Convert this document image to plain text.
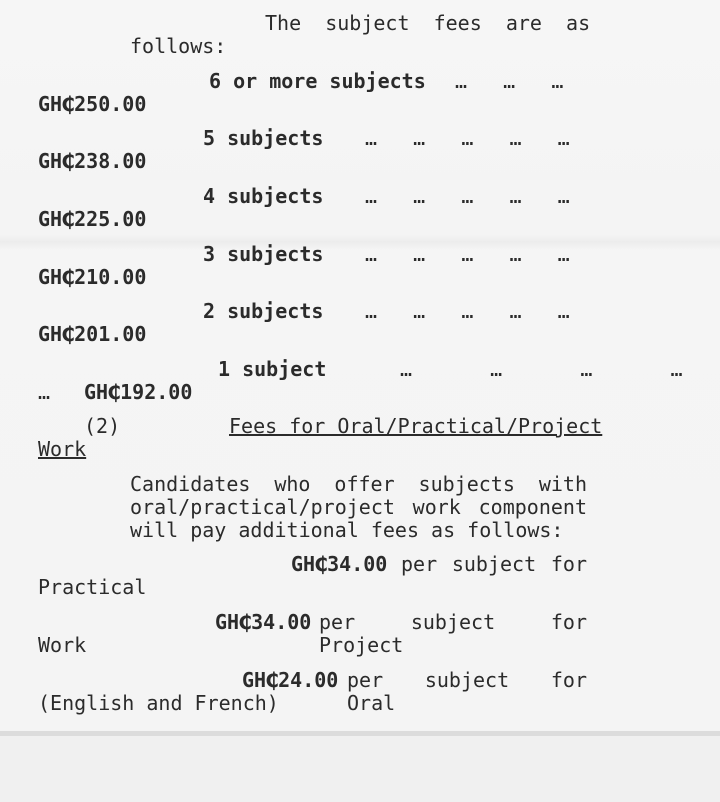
The  subject  fees  are  as
follows:
6 or more subjects …   …   …
GH₵250.00
5 subjects …   …   …   …   …
GH₵238.00
4 subjects …   …   …   …   …
GH₵225.00
3 subjects …   …   …   …   …
GH₵210.00
2 subjects …   …   …   …   …
GH₵201.00
1 subject	…   …   …   …
… GH₵192.00
(2)	Fees for Oral/Practical/Project
Work
Candidates who offer subjects with
oral/practical/project work component
will pay additional fees as follows:
GH₵34.00 per subject for
Practical
GH₵34.00 per subject for Project
Work
GH₵24.00 per subject for Oral
(English and French)
